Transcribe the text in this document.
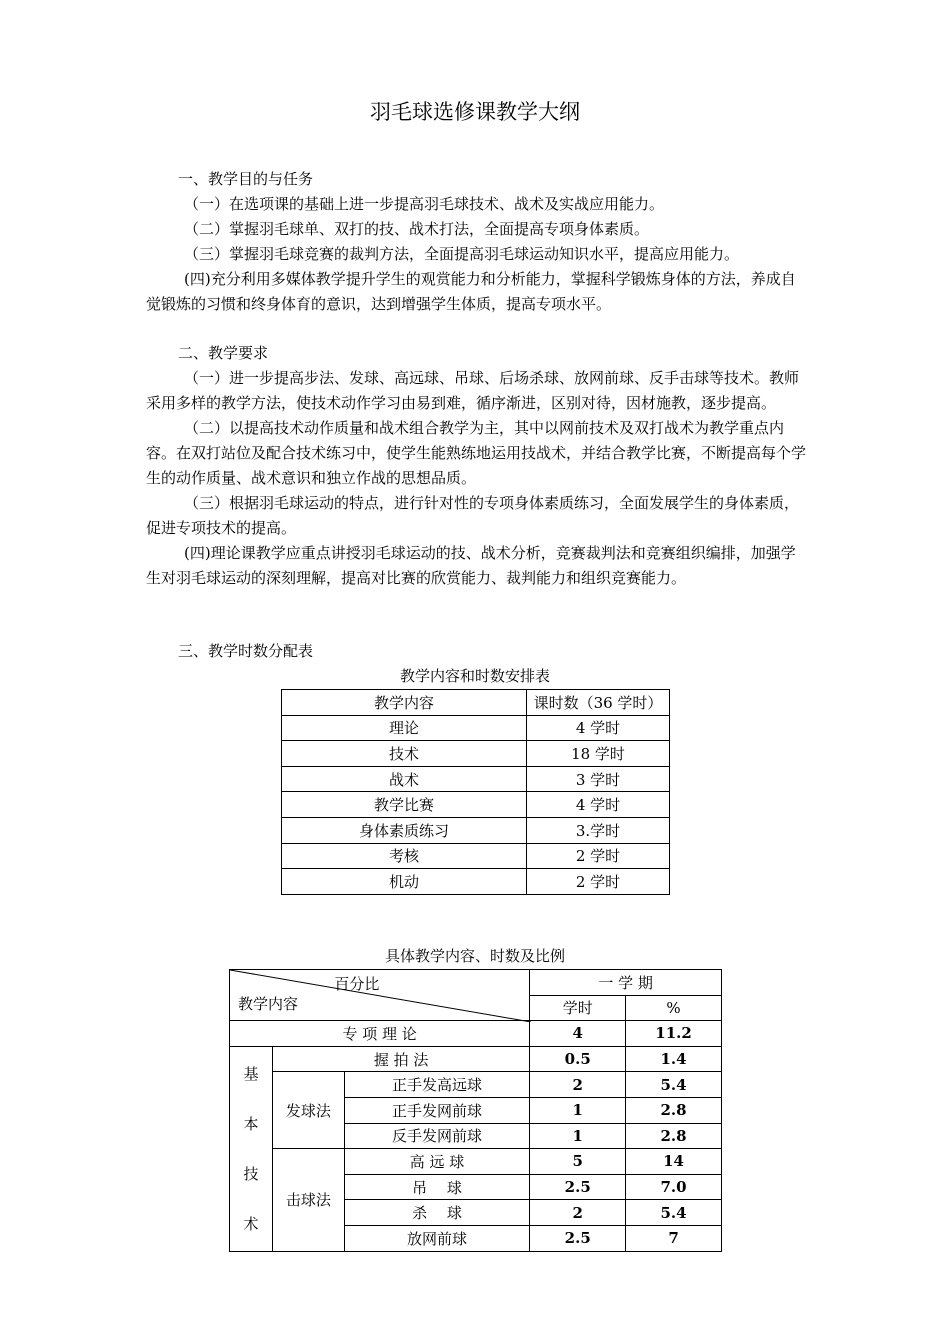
羽毛球选修课教学大纲

一、教学目的与任务

（一）在选项课的基础上进一步提高羽毛球技术、战术及实战应用能力。

（二）掌握羽毛球单、双打的技、战术打法，全面提高专项身体素质。

（三）掌握羽毛球竞赛的裁判方法，全面提高羽毛球运动知识水平，提高应用能力。

(四)充分利用多媒体教学提升学生的观赏能力和分析能力，掌握科学锻炼身体的方法，养成自觉锻炼的习惯和终身体育的意识，达到增强学生体质，提高专项水平。

二、教学要求

（一）进一步提高步法、发球、高远球、吊球、后场杀球、放网前球、反手击球等技术。教师采用多样的教学方法，使技术动作学习由易到难，循序渐进，区别对待，因材施教，逐步提高。

（二）以提高技术动作质量和战术组合教学为主，其中以网前技术及双打战术为教学重点内容。在双打站位及配合技术练习中，使学生能熟练地运用技战术，并结合教学比赛，不断提高每个学生的动作质量、战术意识和独立作战的思想品质。

（三）根据羽毛球运动的特点，进行针对性的专项身体素质练习，全面发展学生的身体素质，促进专项技术的提高。

(四)理论课教学应重点讲授羽毛球运动的技、战术分析，竞赛裁判法和竞赛组织编排，加强学生对羽毛球运动的深刻理解，提高对比赛的欣赏能力、裁判能力和组织竞赛能力。

三、教学时数分配表

教学内容和时数安排表
教学内容	课时数（36 学时）
理论	4 学时
技术	18 学时
战术	3 学时
教学比赛	4 学时
身体素质练习	3.学时
考核	2 学时
机动	2 学时
具体教学内容、时数及比例
百分比
教学内容			一 学 期	
			学时	%
专 项 理 论			4	11.2

基
本
技
术	握 拍 法		0.5	1.4
	发球法	正手发高远球	2	5.4
		正手发网前球	1	2.8
		反手发网前球	1	2.8
	击球法	高 远 球	5	14
		吊　 球	2.5	7.0
		杀　 球	2	5.4
		放网前球	2.5	7
